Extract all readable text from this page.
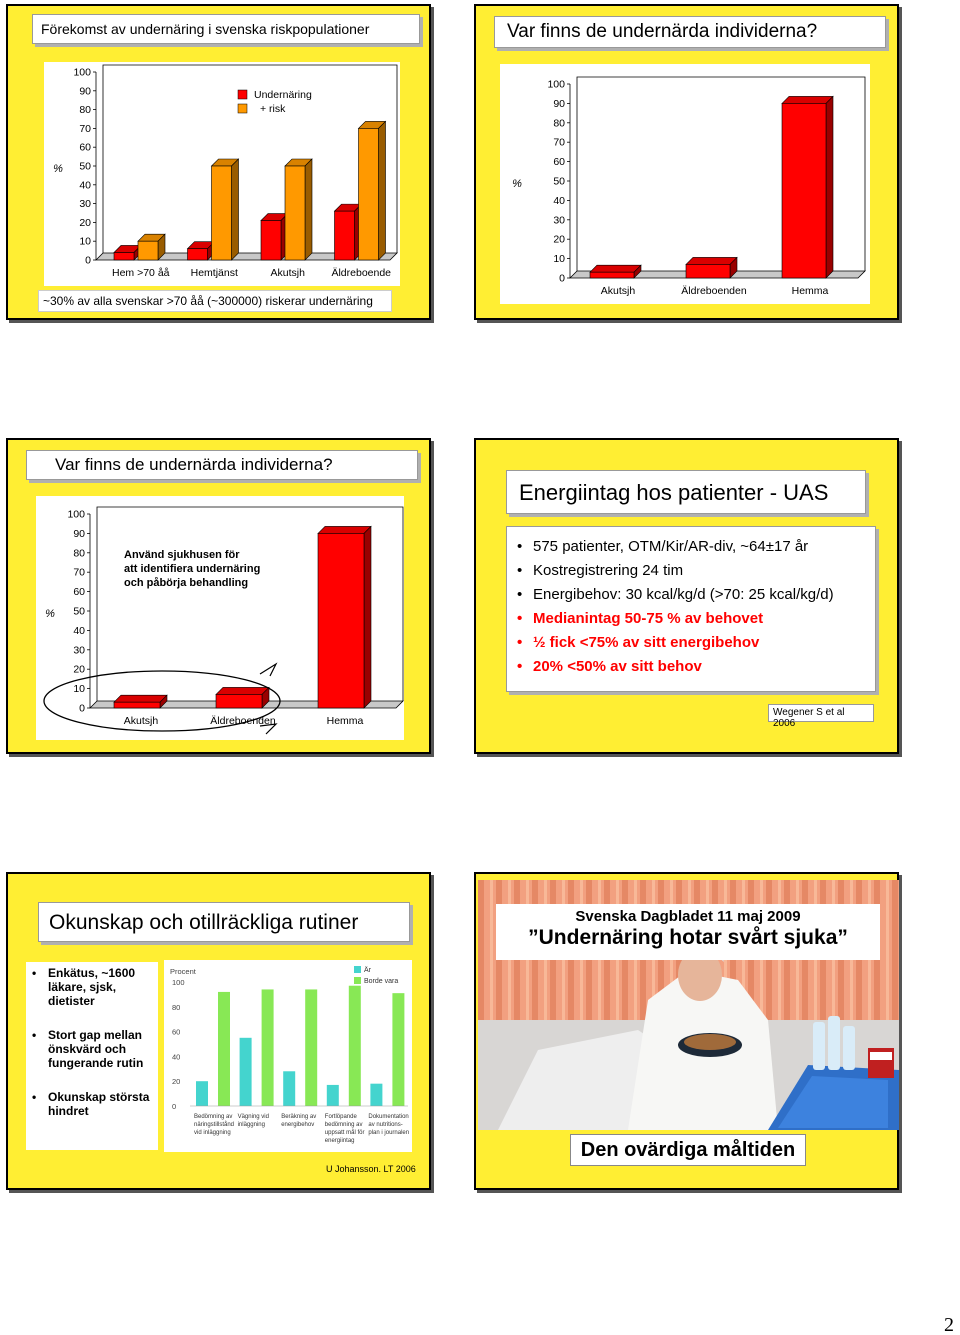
Förekomst av undernäring i svenska riskpopulationer
0
10
20
30
40
50
60
70
80
90
100
%
Hem >70 åå Hemtjänst	Akutsjh	Äldreboende
Undernäring
+ risk
~30% av alla svenskar >70 åå (~300000) riskerar undernäring
Var finns de undernärda individerna?
0
10
20
30
40
50
60
70
80
90
100
%
Akutsjh	Äldreboenden	Hemma
Var finns de undernärda individerna?
0
10
20
30
40
50
60
70
80
90
100
%
Akutsjh	Äldreboenden	Hemma
Använd sjukhusen för
att identifiera undernäring
och påbörja behandling
Energiintag hos patienter - UAS
• 575 patienter, OTM/Kir/AR-div, ~64±17 år
• Kostregistrering 24 tim
• Energibehov: 30 kcal/kg/d (>70: 25 kcal/kg/d)
• Medianintag 50-75 % av behovet
• ½ fick <75% av sitt energibehov
• 20% <50% av sitt behov
Wegener S et al 2006
Okunskap och otillräckliga rutiner
• Enkätus, ~1600
läkare, sjsk,
dietister
• Stort gap mellan
önskvärd och
fungerande rutin
• Okunskap största
hindret
Procent
0
20
40
60
80
100
Är
Borde vara
Bedömning av
näringstillstånd
vid inläggning
Vägning vid
inläggning
Beräkning av
energibehov
Fortlöpande
bedömning av
uppsatt mål för
energiintag
Dokumentation
av nutritions-
plan i journalen
U Johansson. LT 2006
Svenska Dagbladet 11 maj 2009
”Undernäring hotar svårt sjuka”
Den ovärdiga måltiden
2
